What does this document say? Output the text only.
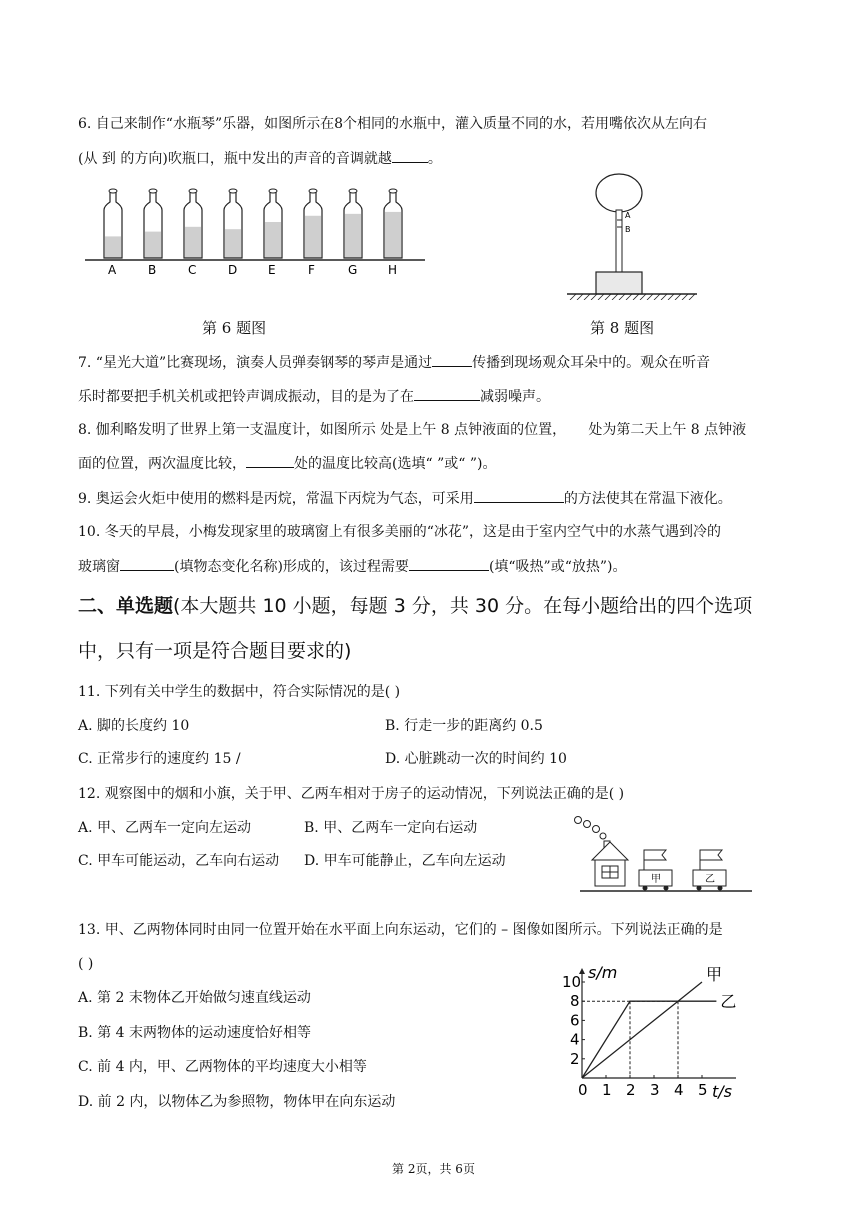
6. 自己来制作“水瓶琴”乐器，如图所示在8个相同的水瓶中，灌入质量不同的水，若用嘴依次从左向右
(从 到 的方向)吹瓶口，瓶中发出的声音的音调就越	。
A	B	C	D	E	F	G	H
第 6 题图
A
B
第 8 题图
7. “星光大道”比赛现场，演奏人员弹奏钢琴的琴声是通过	传播到现场观众耳朵中的。观众在听音
乐时都要把手机关机或把铃声调成振动，目的是为了在	减弱噪声。
8. 伽利略发明了世界上第一支温度计，如图所示 处是上午 8 点钟液面的位置， 处为第二天上午 8 点钟液
面的位置，两次温度比较，	处的温度比较高(选填“ ”或“ ”)。
9. 奥运会火炬中使用的燃料是丙烷，常温下丙烷为气态，可采用	的方法使其在常温下液化。
10. 冬天的早晨，小梅发现家里的玻璃窗上有很多美丽的“冰花”，这是由于室内空气中的水蒸气遇到冷的
玻璃窗	(填物态变化名称)形成的，该过程需要	(填“吸热”或“放热”)。
二、单选题(本大题共 10 小题，每题 3 分，共 30 分。在每小题给出的四个选项
中，只有一项是符合题目要求的)
11. 下列有关中学生的数据中，符合实际情况的是( )
A. 脚的长度约 10	B. 行走一步的距离约 0.5
C. 正常步行的速度约 15 /	D. 心脏跳动一次的时间约 10
12. 观察图中的烟和小旗，关于甲、乙两车相对于房子的运动情况，下列说法正确的是( )
A. 甲、乙两车一定向左运动	B. 甲、乙两车一定向右运动
C. 甲车可能运动，乙车向右运动 D. 甲车可能静止，乙车向左运动
甲	乙
13. 甲、乙两物体同时由同一位置开始在水平面上向东运动，它们的 – 图像如图所示。下列说法正确的是
( )
A. 第 2 末物体乙开始做匀速直线运动
B. 第 4 末两物体的运动速度恰好相等
C. 前 4 内，甲、乙两物体的平均速度大小相等
D. 前 2 内，以物体乙为参照物，物体甲在向东运动
0 1 2 3 4 5
2
4
6
8
10	甲
乙
s/m
t/s
第 2页，共 6页
